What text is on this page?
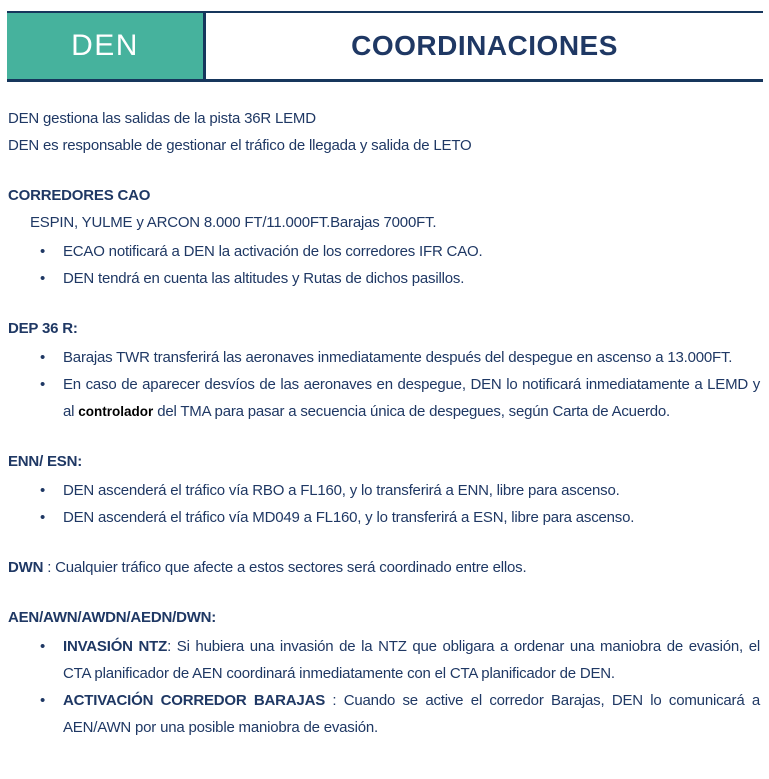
DEN	COORDINACIONES
DEN gestiona las salidas de la pista 36R LEMD
DEN es responsable de gestionar el tráfico de llegada y salida de LETO
CORREDORES CAO
ESPIN, YULME y ARCON 8.000 FT/11.000FT.Barajas 7000FT.
• ECAO notificará a DEN la activación de los corredores IFR CAO.
• DEN tendrá en cuenta las altitudes y Rutas de dichos pasillos.
DEP 36 R:
• Barajas TWR transferirá las aeronaves inmediatamente después del despegue en ascenso a 13.000FT.
• En caso de aparecer desvíos de las aeronaves en despegue, DEN lo notificará inmediatamente a LEMD y al controlador del TMA para pasar a secuencia única de despegues, según Carta de Acuerdo.
ENN/ ESN:
• DEN ascenderá el tráfico vía RBO a FL160, y lo transferirá a ENN, libre para ascenso.
• DEN ascenderá el tráfico vía MD049 a FL160, y lo transferirá a ESN, libre para ascenso.
DWN : Cualquier tráfico que afecte a estos sectores será coordinado entre ellos.
AEN/AWN/AWDN/AEDN/DWN:
• INVASIÓN NTZ: Si hubiera una invasión de la NTZ que obligara a ordenar una maniobra de evasión, el CTA planificador de AEN coordinará inmediatamente con el CTA planificador de DEN.
• ACTIVACIÓN CORREDOR BARAJAS : Cuando se active el corredor Barajas, DEN lo comunicará a AEN/AWN por una posible maniobra de evasión.
